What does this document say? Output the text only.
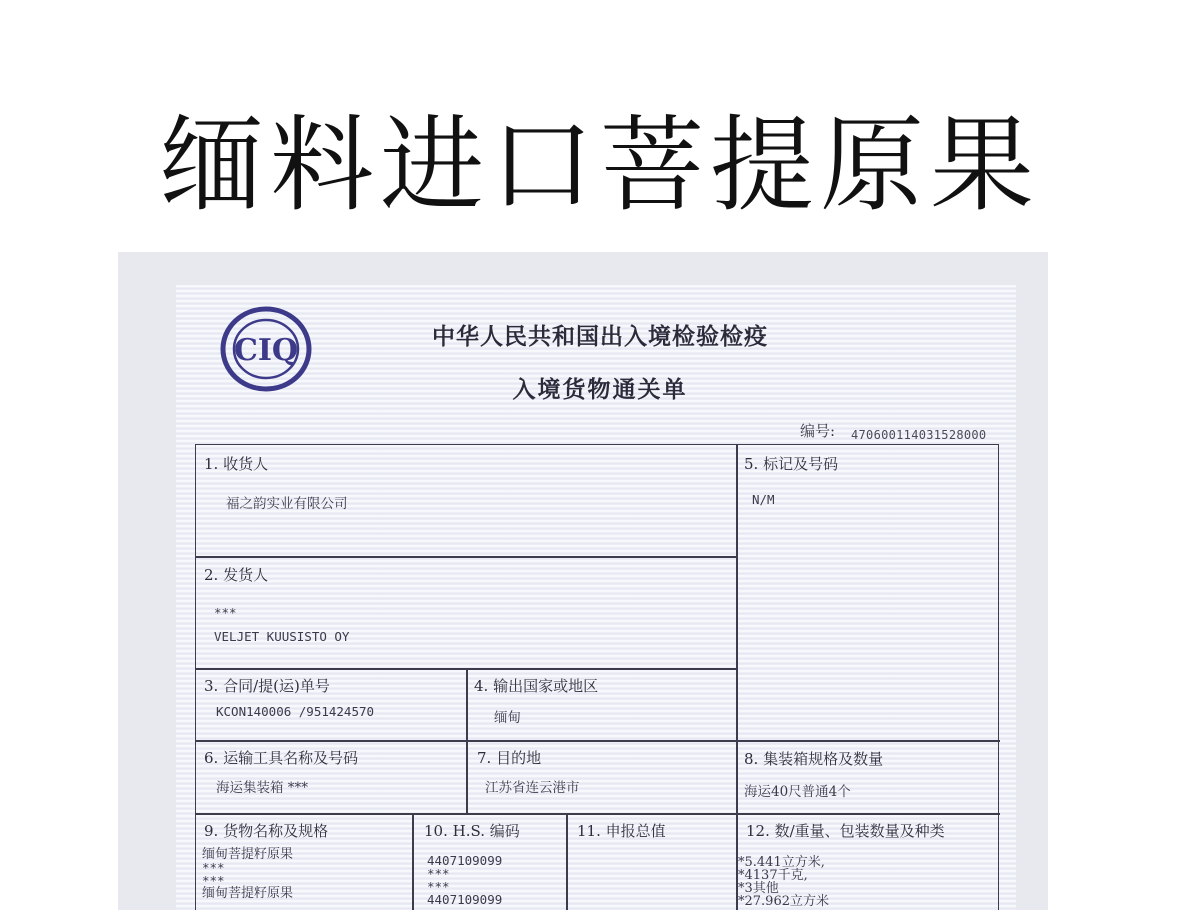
缅料进口菩提原果
CIQ	中华人民共和国出入境检验检疫
入境货物通关单
编号: 470600114031528000
1. 收货人
福之韵实业有限公司
5. 标记及号码
N/M
2. 发货人
***
VELJET KUUSISTO OY
3. 合同/提(运)单号
KCON140006 /951424570
4. 输出国家或地区
缅甸
6. 运输工具名称及号码
海运集装箱 ***
7. 目的地
江苏省连云港市
8. 集装箱规格及数量
海运40尺普通4个
9. 货物名称及规格
缅甸菩提籽原果
***
***
缅甸菩提籽原果
10. H.S. 编码
4407109099
***
***
4407109099
11. 申报总值	12. 数/重量、包装数量及种类
*5.441立方米,
*4137千克,
*3其他
*27.962立方米
